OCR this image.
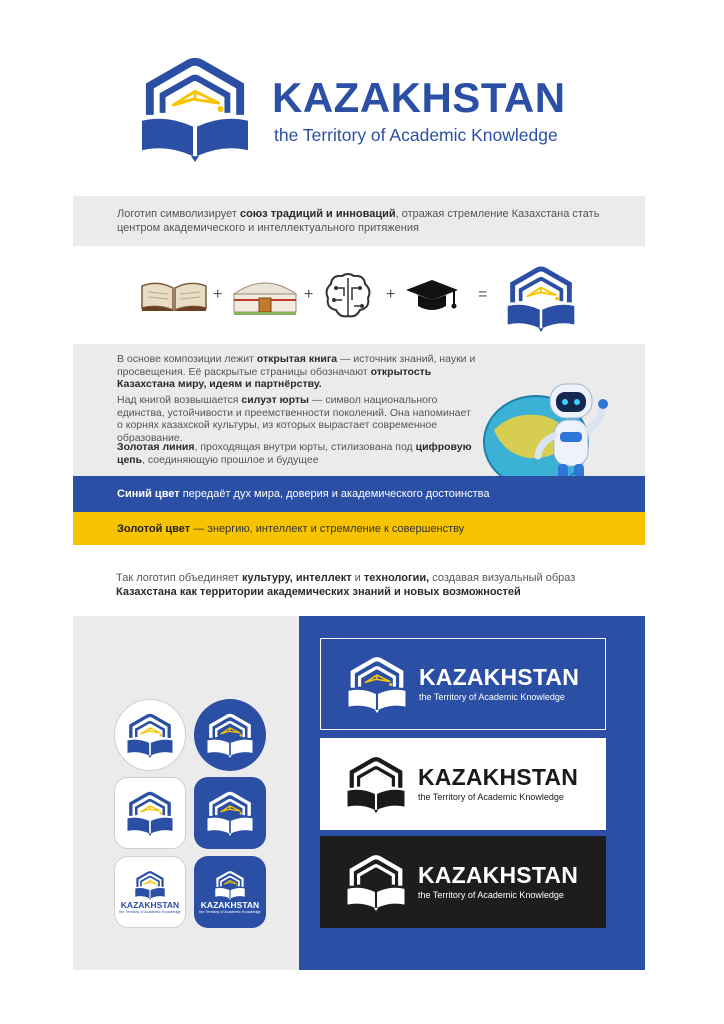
KAZAKHSTAN
the Territory of Academic Knowledge
Логотип символизирует союз традиций и инноваций, отражая стремление Казахстана стать центром академического и интеллектуального притяжения
+	+	+	=
В основе композиции лежит открытая книга — источник знаний, науки и просвещения. Её раскрытые страницы обозначают открытость Казахстана миру, идеям и партнёрству.
Над книгой возвышается силуэт юрты — символ национального единства, устойчивости и преемственности поколений. Она напоминает о корнях казахской культуры, из которых вырастает современное образование.
Золотая линия, проходящая внутри юрты, стилизована под цифровую цепь, соединяющую прошлое и будущее
Синий цвет передаёт дух мира, доверия и академического достоинства
Золотой цвет — энергию, интеллект и стремление к совершенству
Так логотип объединяет культуру, интеллект и технологии, создавая визуальный образ
Казахстана как территории академических знаний и новых возможностей
KAZAKHSTAN
the Territory of Academic Knowledge
KAZAKHSTAN
the Territory of Academic Knowledge
KAZAKHSTAN
the Territory of Academic Knowledge
KAZAKHSTAN
the Territory of Academic Knowledge
KAZAKHSTAN
the Territory of Academic Knowledge
